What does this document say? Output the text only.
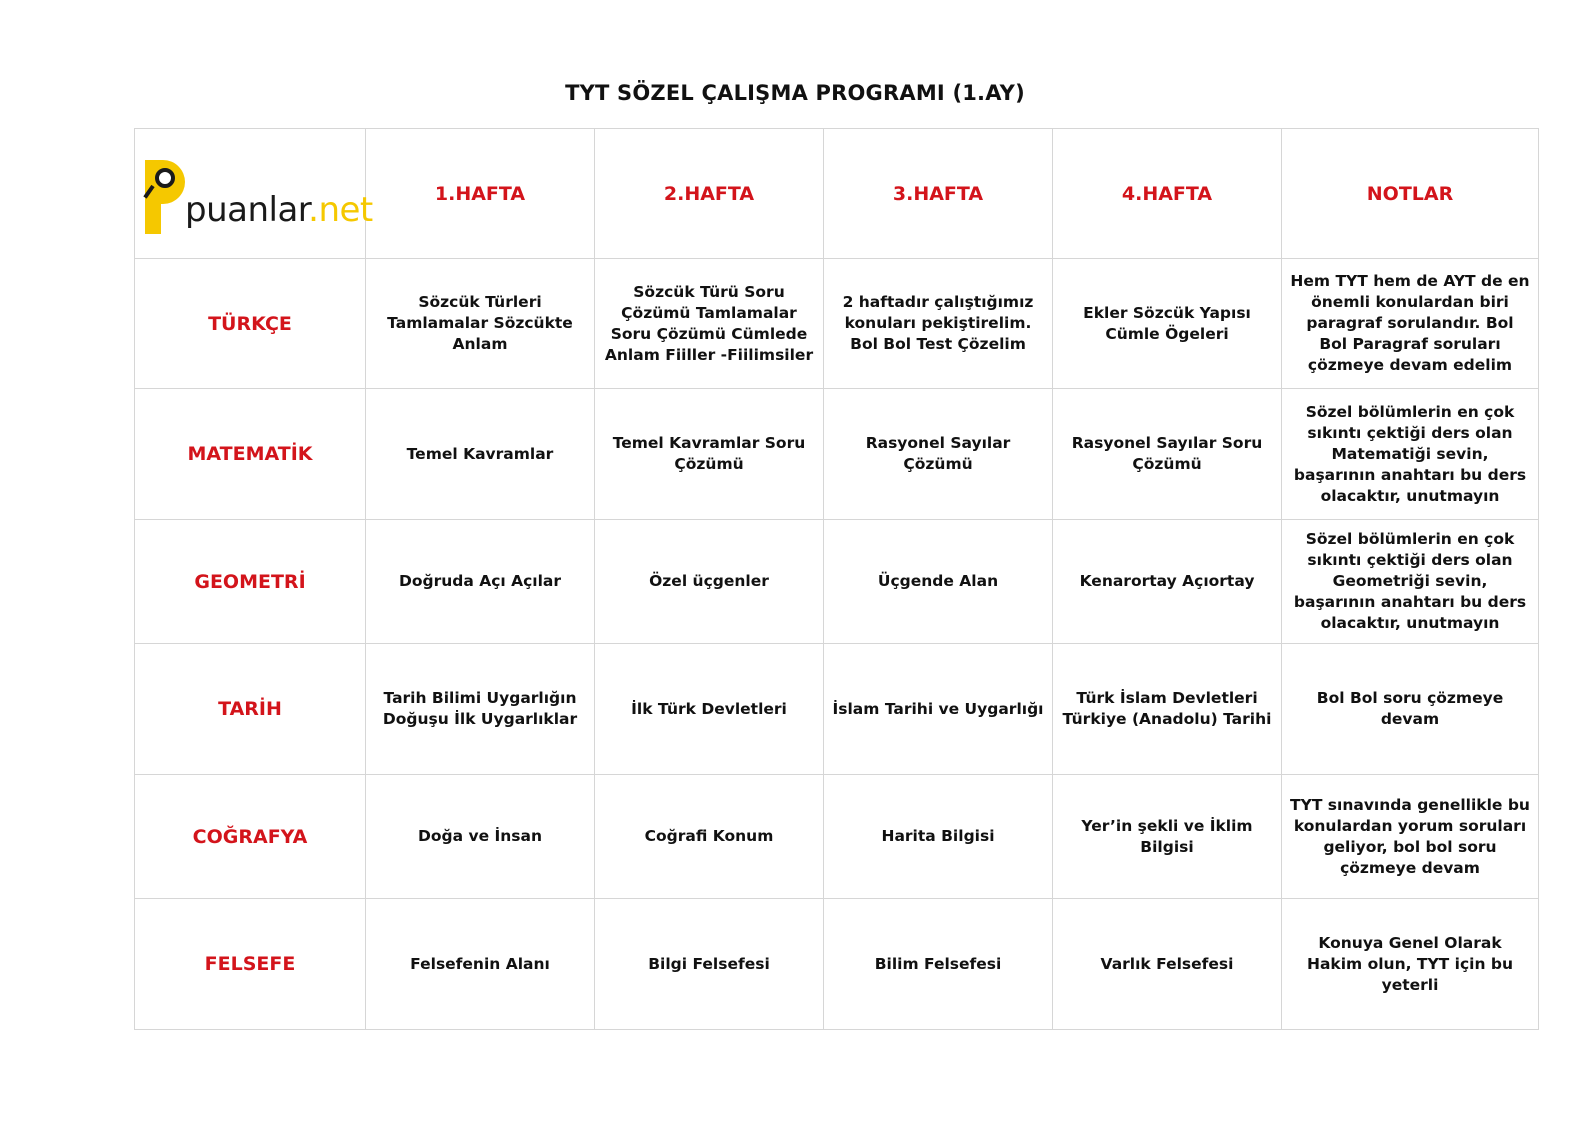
TYT SÖZEL ÇALIŞMA PROGRAMI (1.AY)
puanlar.net	1.HAFTA	2.HAFTA	3.HAFTA	4.HAFTA	NOTLAR
TÜRKÇE	Sözcük Türleri Tamlamalar Sözcükte Anlam	Sözcük Türü Soru Çözümü Tamlamalar Soru Çözümü Cümlede Anlam Fiiller -Fiilimsiler	2 haftadır çalıştığımız konuları pekiştirelim. Bol Bol Test Çözelim	Ekler Sözcük Yapısı Cümle Ögeleri	Hem TYT hem de AYT de en önemli konulardan biri paragraf sorulandır. Bol Bol Paragraf soruları çözmeye devam edelim
MATEMATİK	Temel Kavramlar	Temel Kavramlar Soru Çözümü	Rasyonel Sayılar Çözümü	Rasyonel Sayılar Soru Çözümü	Sözel bölümlerin en çok sıkıntı çektiği ders olan Matematiği sevin, başarının anahtarı bu ders olacaktır, unutmayın
GEOMETRİ	Doğruda Açı Açılar	Özel üçgenler	Üçgende Alan	Kenarortay Açıortay	Sözel bölümlerin en çok sıkıntı çektiği ders olan Geometriği sevin, başarının anahtarı bu ders olacaktır, unutmayın
TARİH	Tarih Bilimi Uygarlığın Doğuşu İlk Uygarlıklar	İlk Türk Devletleri	İslam Tarihi ve Uygarlığı	Türk İslam Devletleri Türkiye (Anadolu) Tarihi	Bol Bol soru çözmeye devam
COĞRAFYA	Doğa ve İnsan	Coğrafi Konum	Harita Bilgisi	Yer’in şekli ve İklim Bilgisi	TYT sınavında genellikle bu konulardan yorum soruları geliyor, bol bol soru çözmeye devam
FELSEFE	Felsefenin Alanı	Bilgi Felsefesi	Bilim Felsefesi	Varlık Felsefesi	Konuya Genel Olarak Hakim olun, TYT için bu yeterli
